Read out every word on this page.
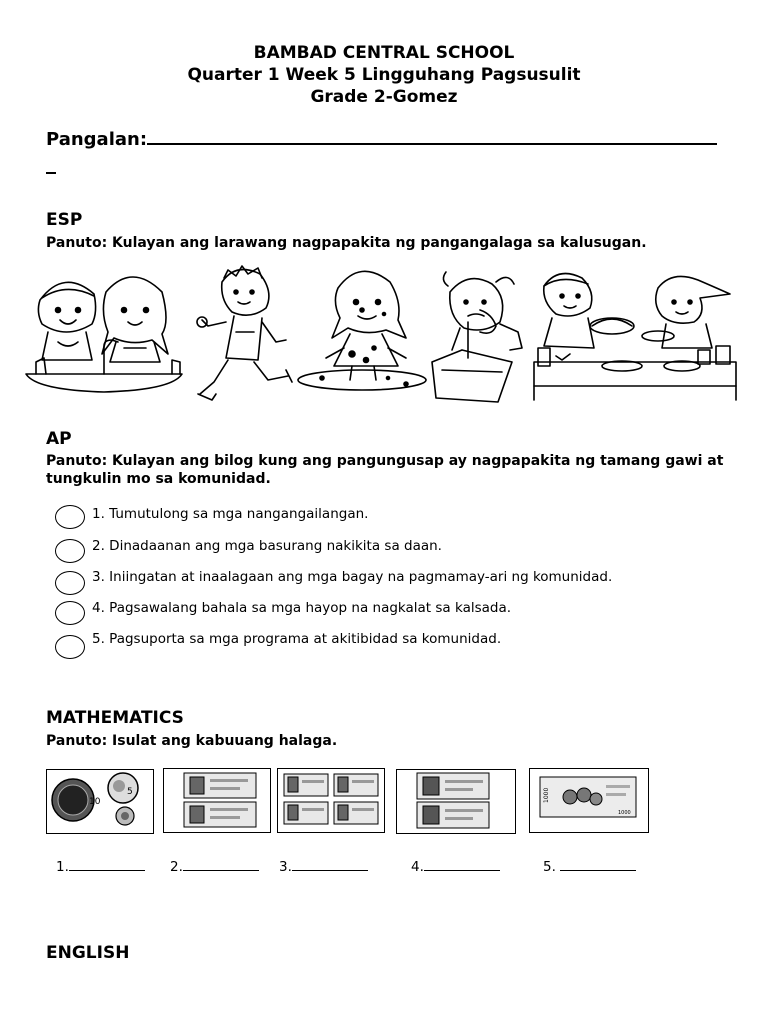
BAMBAD CENTRAL SCHOOL
Quarter 1 Week 5 Lingguhang Pagsusulit
Grade 2-Gomez
Pangalan:
ESP
Panuto: Kulayan ang larawang nagpapakita ng pangangalaga sa kalusugan.
AP
Panuto: Kulayan ang bilog kung ang pangungusap ay nagpapakita ng tamang gawi at tungkulin mo sa komunidad.
1. Tumutulong sa mga nangangailangan.
2. Dinadaanan ang mga basurang nakikita sa daan.
3. Iniingatan at inaalagaan ang mga bagay na pagmamay-ari ng komunidad.
4. Pagsawalang bahala sa mga hayop na nagkalat sa kalsada.
5. Pagsuporta sa mga programa at akitibidad sa komunidad.
MATHEMATICS
Panuto: Isulat ang kabuuang halaga.
10
5	1000
1000
1.	2.	3.	4.	5.
ENGLISH
